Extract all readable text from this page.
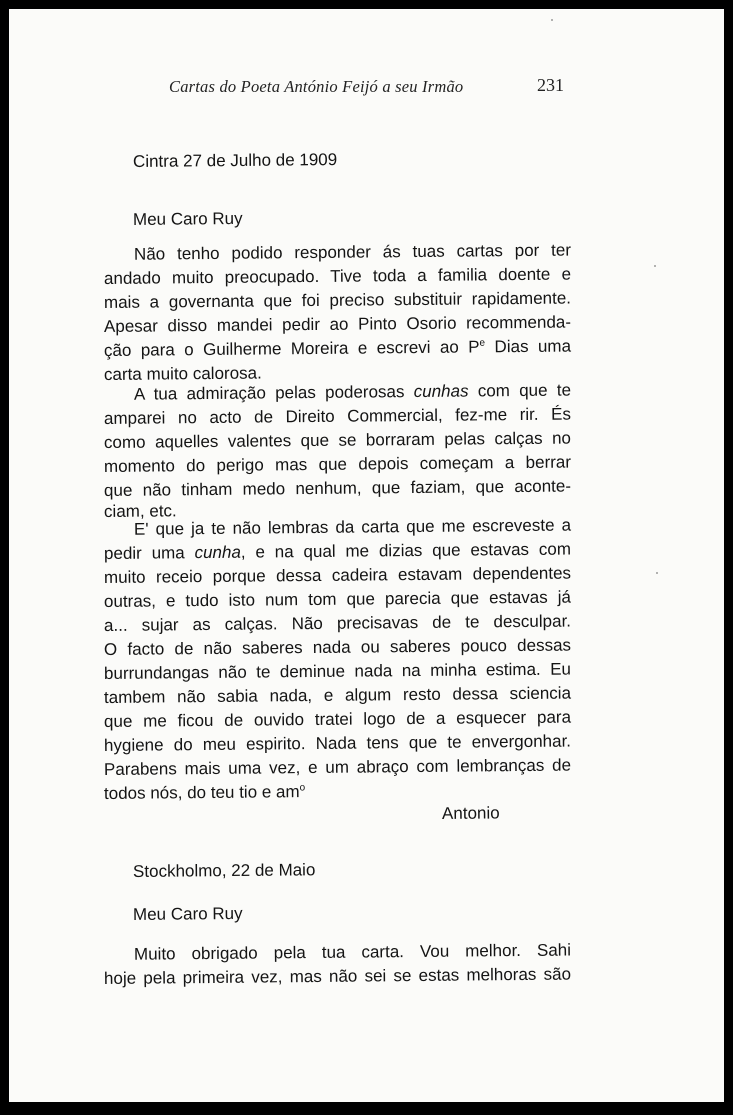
Cartas do Poeta António Feijó a seu Irmão	231
Cintra 27 de Julho de 1909
Meu Caro Ruy
Não tenho podido responder ás tuas cartas por ter
andado muito preocupado. Tive toda a familia doente e
mais a governanta que foi preciso substituir rapidamente.
Apesar disso mandei pedir ao Pinto Osorio recommenda-
ção para o Guilherme Moreira e escrevi ao $P^e$ Dias uma
carta muito calorosa.
A tua admiração pelas poderosas cunhas com que te
amparei no acto de Direito Commercial, fez-me rir. És
como aquelles valentes que se borraram pelas calças no
momento do perigo mas que depois começam a berrar
que não tinham medo nenhum, que faziam, que aconte-
ciam, etc.
E' que ja te não lembras da carta que me escreveste a
pedir uma cunha, e na qual me dizias que estavas com
muito receio porque dessa cadeira estavam dependentes
outras, e tudo isto num tom que parecia que estavas já
a... sujar as calças. Não precisavas de te desculpar.
O facto de não saberes nada ou saberes pouco dessas
burrundangas não te deminue nada na minha estima. Eu
tambem não sabia nada, e algum resto dessa sciencia
que me ficou de ouvido tratei logo de a esquecer para
hygiene do meu espirito. Nada tens que te envergonhar.
Parabens mais uma vez, e um abraço com lembranças de
todos nós, do teu tio e $am^o$
Antonio
Stockholmo, 22 de Maio
Meu Caro Ruy
Muito obrigado pela tua carta. Vou melhor. Sahi
hoje pela primeira vez, mas não sei se estas melhoras são
